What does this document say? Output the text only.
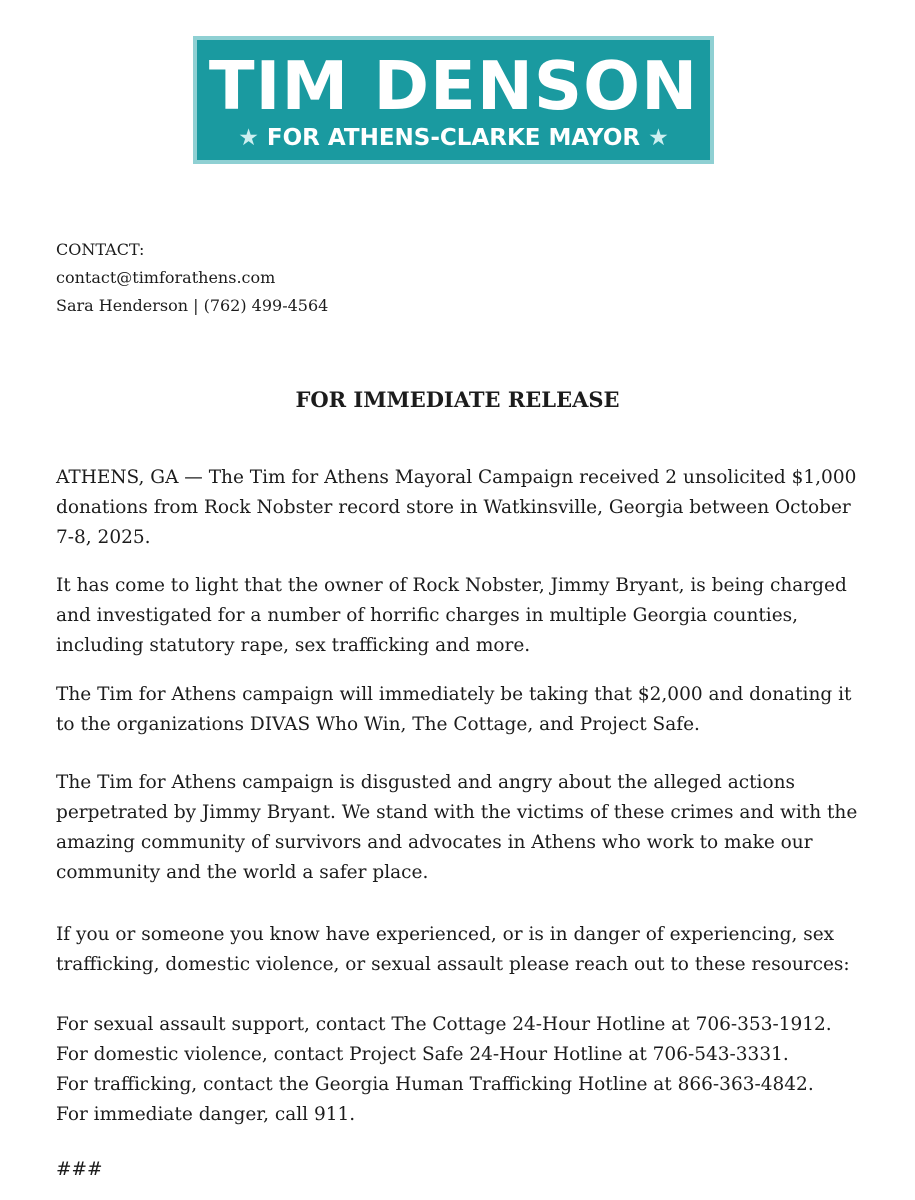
TIM DENSON
★ FOR ATHENS-CLARKE MAYOR ★
CONTACT:
contact@timforathens.com
Sara Henderson | (762) 499-4564
FOR IMMEDIATE RELEASE

ATHENS, GA — The Tim for Athens Mayoral Campaign received 2 unsolicited $1,000 donations from Rock Nobster record store in Watkinsville, Georgia between October 7-8, 2025.

It has come to light that the owner of Rock Nobster, Jimmy Bryant, is being charged and investigated for a number of horrific charges in multiple Georgia counties, including statutory rape, sex trafficking and more.

The Tim for Athens campaign will immediately be taking that $2,000 and donating it to the organizations DIVAS Who Win, The Cottage, and Project Safe.

The Tim for Athens campaign is disgusted and angry about the alleged actions perpetrated by Jimmy Bryant. We stand with the victims of these crimes and with the amazing community of survivors and advocates in Athens who work to make our community and the world a safer place.

If you or someone you know have experienced, or is in danger of experiencing, sex trafficking, domestic violence, or sexual assault please reach out to these resources:

For sexual assault support, contact The Cottage 24-Hour Hotline at 706-353-1912.
For domestic violence, contact Project Safe 24-Hour Hotline at 706-543-3331.
For trafficking, contact the Georgia Human Trafficking Hotline at 866-363-4842.
For immediate danger, call 911.
###
